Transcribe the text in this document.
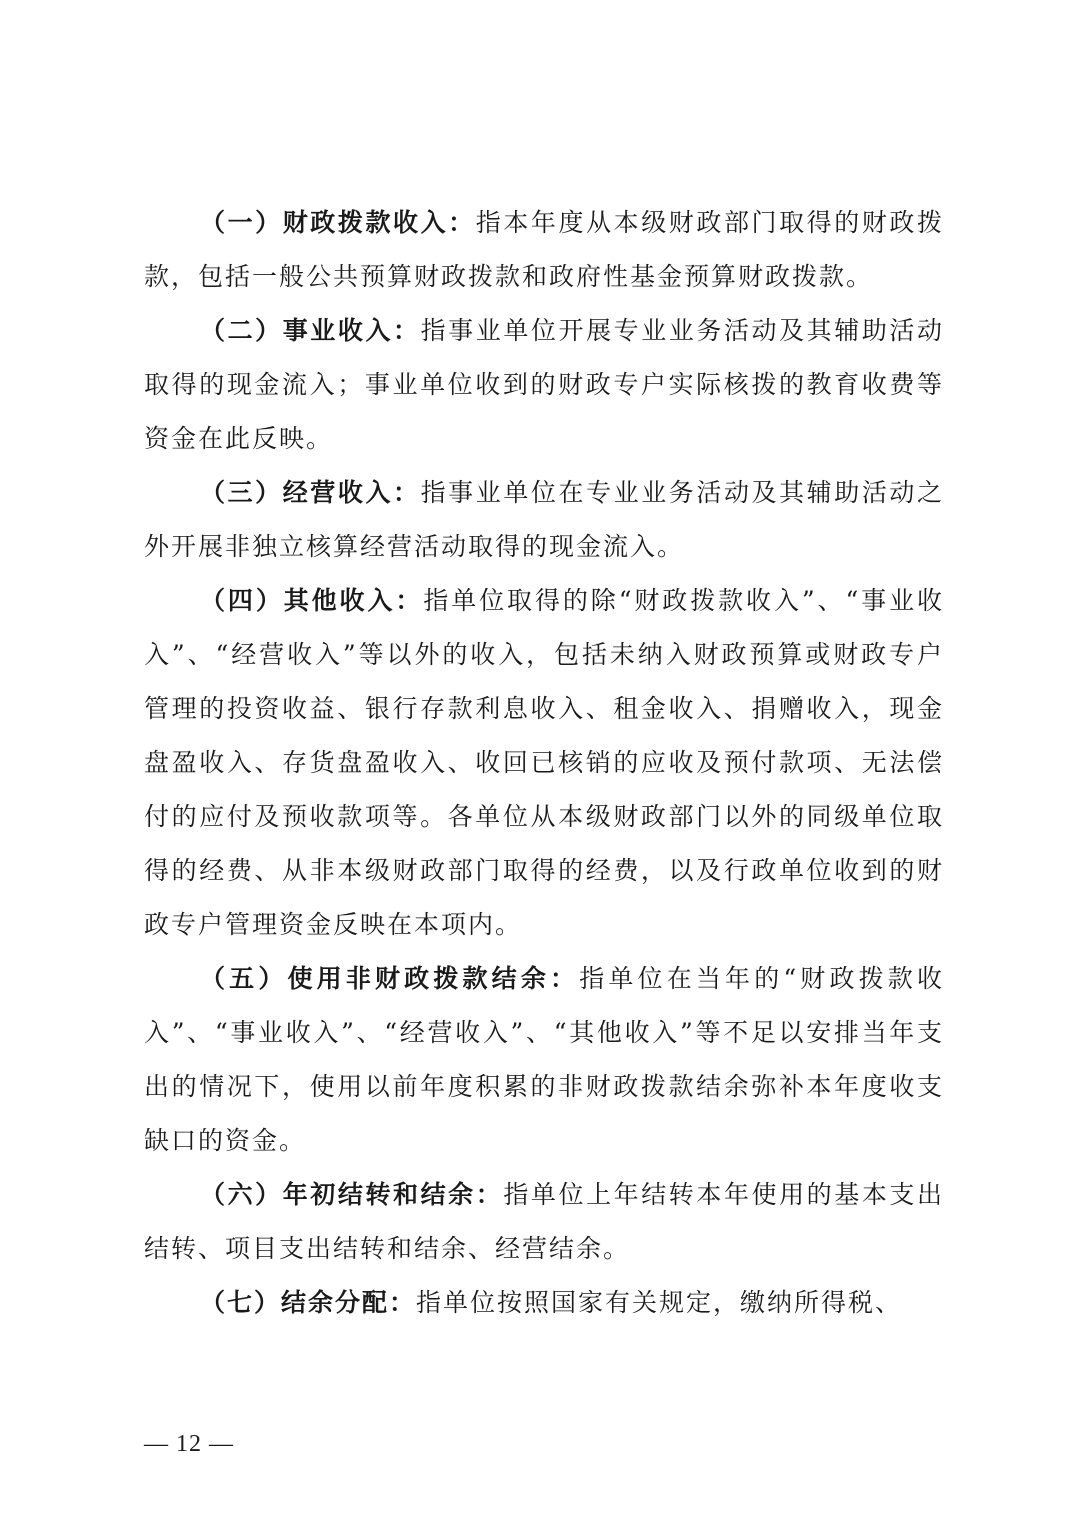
（一）财政拨款收入：指本年度从本级财政部门取得的财政拨款，包括一般公共预算财政拨款和政府性基金预算财政拨款。

（二）事业收入：指事业单位开展专业业务活动及其辅助活动取得的现金流入；事业单位收到的财政专户实际核拨的教育收费等资金在此反映。

（三）经营收入：指事业单位在专业业务活动及其辅助活动之外开展非独立核算经营活动取得的现金流入。

（四）其他收入：指单位取得的除“财政拨款收入”、“事业收入”、“经营收入”等以外的收入，包括未纳入财政预算或财政专户管理的投资收益、银行存款利息收入、租金收入、捐赠收入，现金盘盈收入、存货盘盈收入、收回已核销的应收及预付款项、无法偿付的应付及预收款项等。各单位从本级财政部门以外的同级单位取得的经费、从非本级财政部门取得的经费，以及行政单位收到的财政专户管理资金反映在本项内。

（五）使用非财政拨款结余：指单位在当年的“财政拨款收入”、“事业收入”、“经营收入”、“其他收入”等不足以安排当年支出的情况下，使用以前年度积累的非财政拨款结余弥补本年度收支缺口的资金。

（六）年初结转和结余：指单位上年结转本年使用的基本支出结转、项目支出结转和结余、经营结余。

（七）结余分配：指单位按照国家有关规定，缴纳所得税、

— 12 —
